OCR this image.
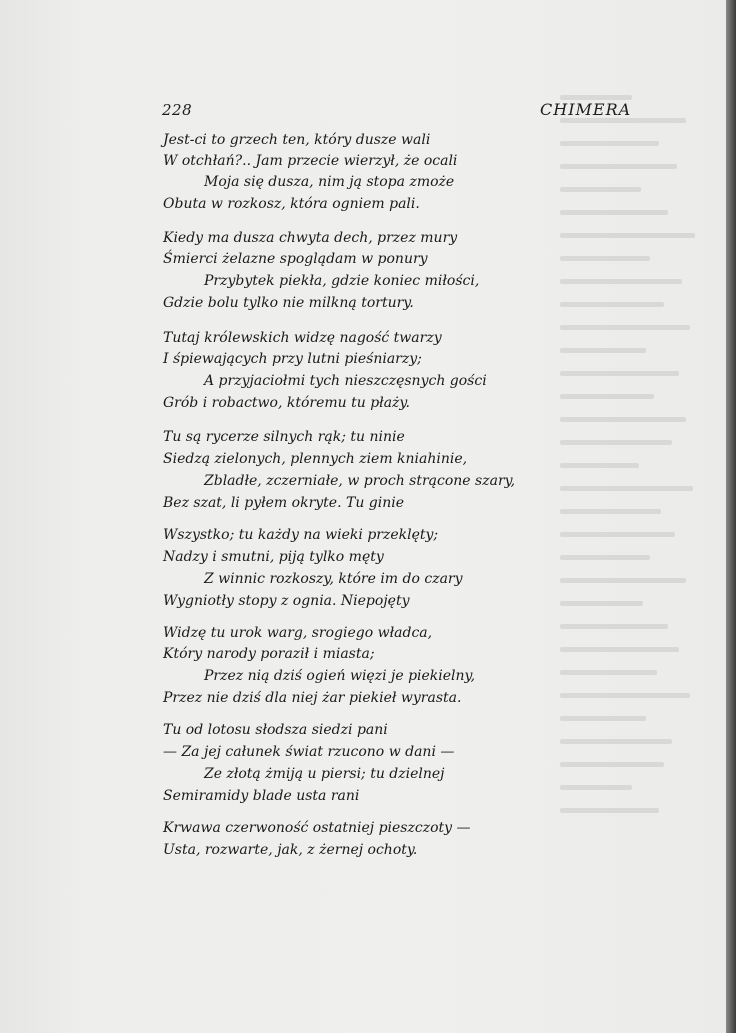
228	CHIMERA
Jest-ci to grzech ten, który dusze wali
W otchłań?.. Jam przecie wierzył, że ocali
Moja się dusza, nim ją stopa zmoże
Obuta w rozkosz, która ogniem pali.
Kiedy ma dusza chwyta dech, przez mury
Śmierci żelazne spoglądam w ponury
Przybytek piekła, gdzie koniec miłości,
Gdzie bolu tylko nie milkną tortury.
Tutaj królewskich widzę nagość twarzy
I śpiewających przy lutni pieśniarzy;
A przyjaciołmi tych nieszczęsnych gości
Grób i robactwo, któremu tu płaży.
Tu są rycerze silnych rąk; tu ninie
Siedzą zielonych, plennych ziem kniahinie,
Zbladłe, zczerniałe, w proch strącone szary,
Bez szat, li pyłem okryte. Tu ginie
Wszystko; tu każdy na wieki przeklęty;
Nadzy i smutni, piją tylko męty
Z winnic rozkoszy, które im do czary
Wygniotły stopy z ognia. Niepojęty
Widzę tu urok warg, srogiego władca,
Który narody poraził i miasta;
Przez nią dziś ogień więzi je piekielny,
Przez nie dziś dla niej żar piekieł wyrasta.
Tu od lotosu słodsza siedzi pani
— Za jej całunek świat rzucono w dani —
Ze złotą żmiją u piersi; tu dzielnej
Semiramidy blade usta rani
Krwawa czerwoność ostatniej pieszczoty —
Usta, rozwarte, jak, z żernej ochoty.
